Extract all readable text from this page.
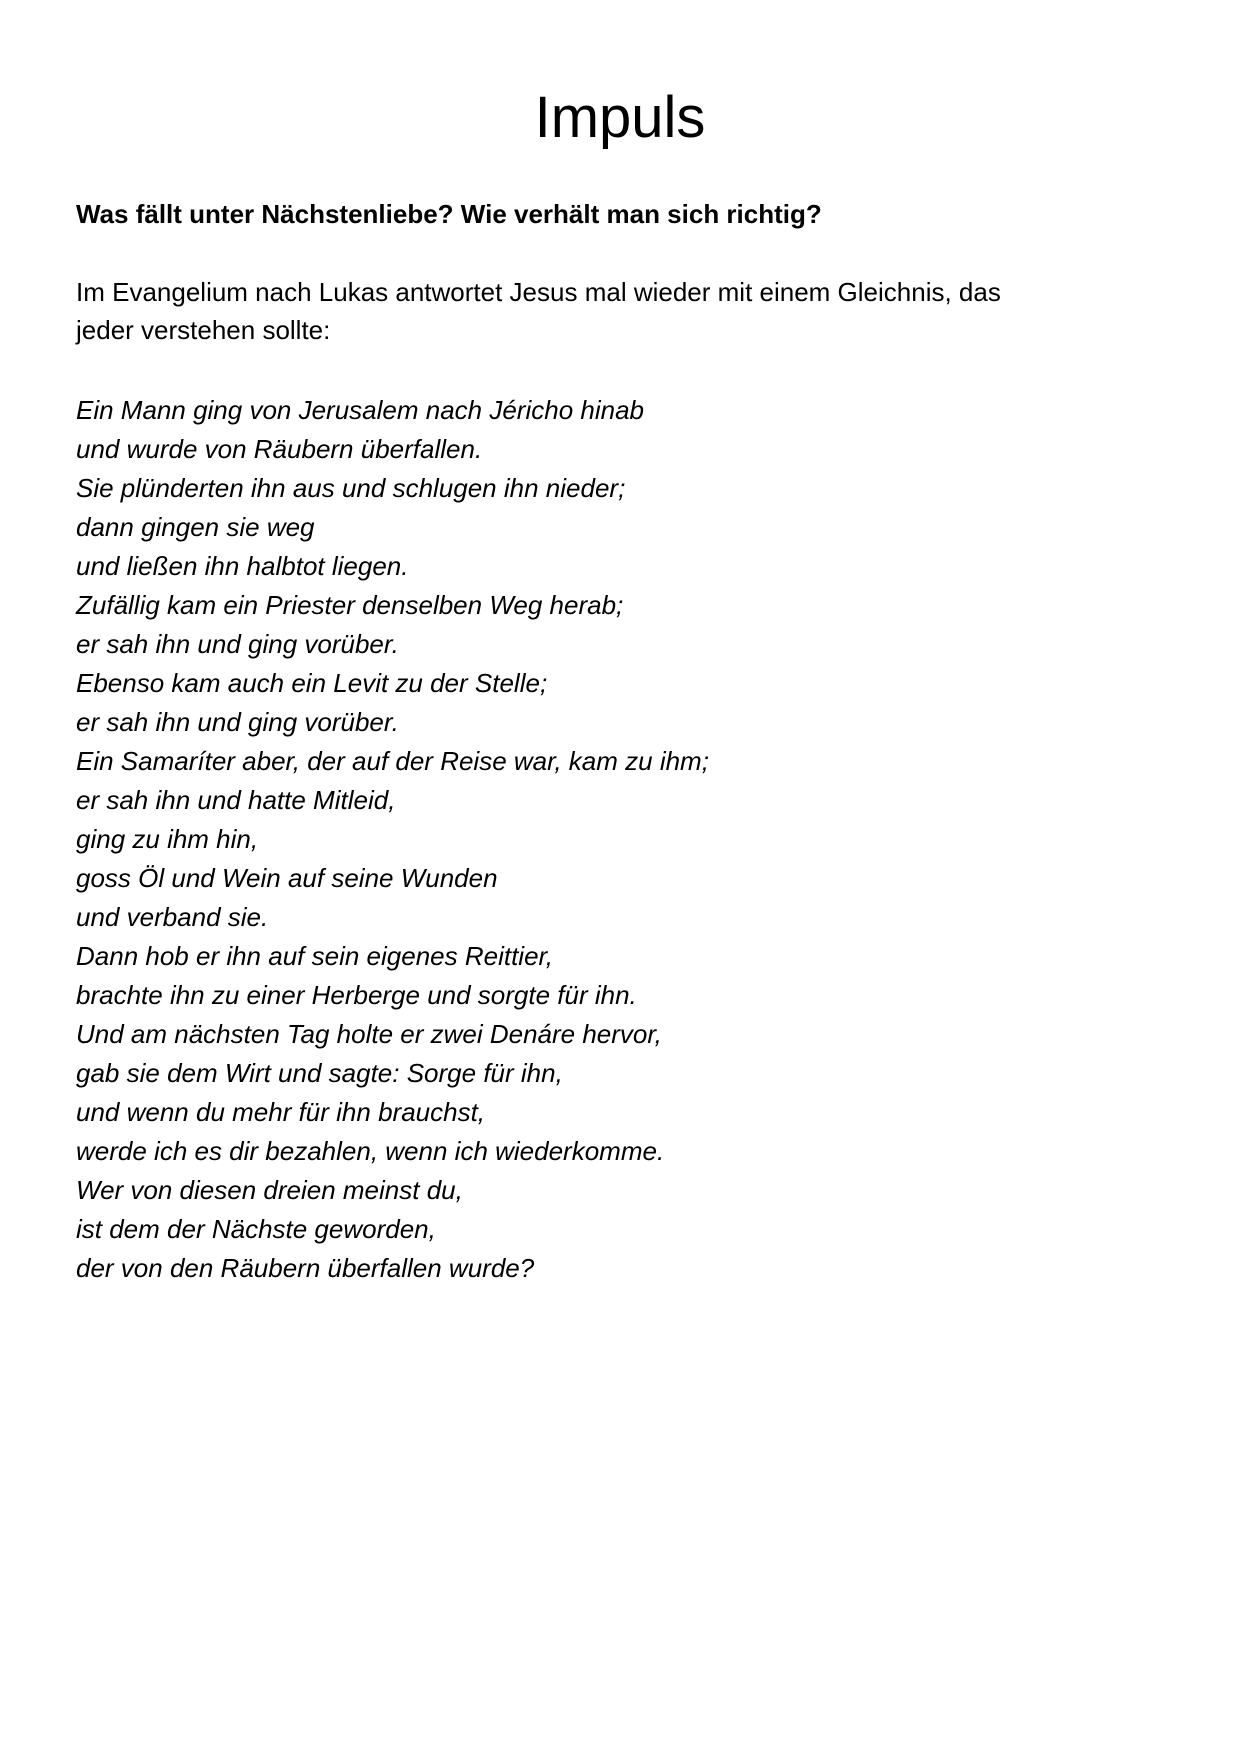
Impuls

Was fällt unter Nächstenliebe? Wie verhält man sich richtig?

Im Evangelium nach Lukas antwortet Jesus mal wieder mit einem Gleichnis, das
jeder verstehen sollte:

Ein Mann ging von Jerusalem nach Jéricho hinab
und wurde von Räubern überfallen.
Sie plünderten ihn aus und schlugen ihn nieder;
dann gingen sie weg
und ließen ihn halbtot liegen.
Zufällig kam ein Priester denselben Weg herab;
er sah ihn und ging vorüber.
Ebenso kam auch ein Levit zu der Stelle;
er sah ihn und ging vorüber.
Ein Samaríter aber, der auf der Reise war, kam zu ihm;
er sah ihn und hatte Mitleid,
ging zu ihm hin,
goss Öl und Wein auf seine Wunden
und verband sie.
Dann hob er ihn auf sein eigenes Reittier,
brachte ihn zu einer Herberge und sorgte für ihn.
Und am nächsten Tag holte er zwei Denáre hervor,
gab sie dem Wirt und sagte: Sorge für ihn,
und wenn du mehr für ihn brauchst,
werde ich es dir bezahlen, wenn ich wiederkomme.
Wer von diesen dreien meinst du,
ist dem der Nächste geworden,
der von den Räubern überfallen wurde?
